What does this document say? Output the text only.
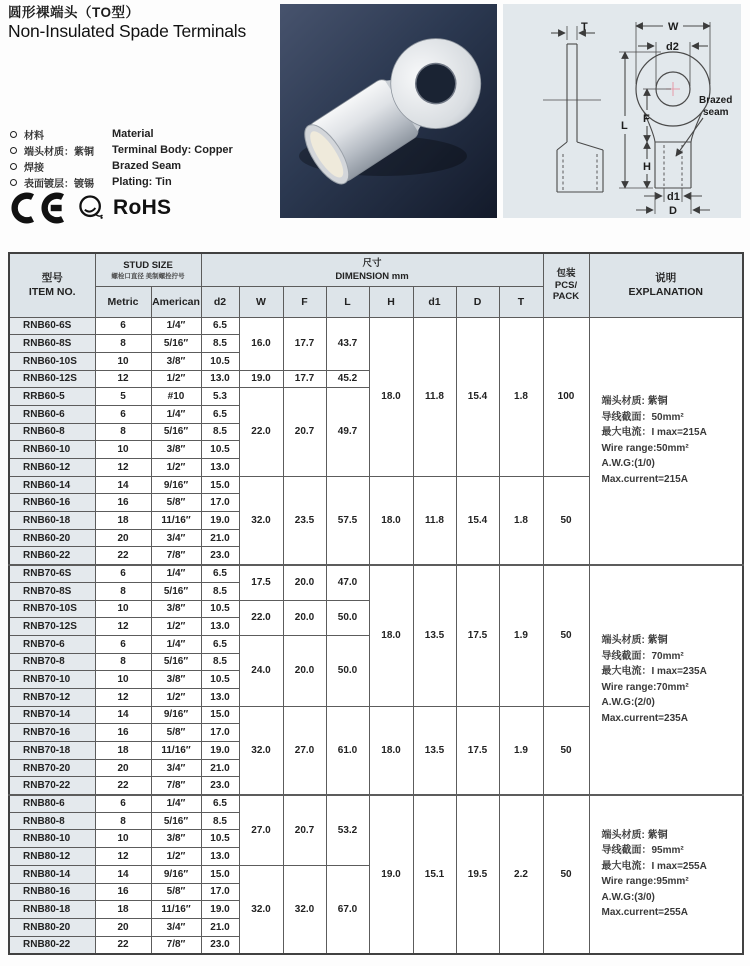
圆形裸端头（TO型）
Non-Insulated Spade Terminals
材料	Material
端头材质：紫铜	Terminal Body: Copper
焊接	Brazed Seam
表面镀层：镀锡	Plating: Tin
RoHS
W
d2
T
L
F
H
d1
D
Brazed
seam
型号
ITEM NO.

STUD SIZE
螺栓口直径 美制螺拴拧号

尺寸
DIMENSION mm	包装
PCS/
PACK

说明
EXPLANATION

	Metric	American	d2	W	F	L	H	d1	D	T		
RNB60-6S	6	1/4″	6.5	16.0	17.7	43.7	18.0	11.8	15.4	1.8	100	端头材质: 紫铜
导线截面：50mm²
最大电流：I max=215A
Wire range:50mm²
A.W.G:(1/0)
Max.current=215A

RNB60-8S	8	5/16″	8.5									
RNB60-10S	10	3/8″	10.5									
RNB60-12S	12	1/2″	13.0	19.0	17.7	45.2						
RRB60-5	5	#10	5.3	22.0	20.7	49.7						
RNB60-6	6	1/4″	6.5									
RNB60-8	8	5/16″	8.5									
RNB60-10	10	3/8″	10.5									
RNB60-12	12	1/2″	13.0									
RNB60-14	14	9/16″	15.0	32.0	23.5	57.5	18.0	11.8	15.4	1.8	50	
RNB60-16	16	5/8″	17.0									
RNB60-18	18	11/16″	19.0									
RNB60-20	20	3/4″	21.0									
RNB60-22	22	7/8″	23.0									
RNB70-6S	6	1/4″	6.5	17.5	20.0	47.0	18.0	13.5	17.5	1.9	50	端头材质: 紫铜
导线截面：70mm²
最大电流：I max=235A
Wire range:70mm²
A.W.G:(2/0)
Max.current=235A

RNB70-8S	8	5/16″	8.5									
RNB70-10S	10	3/8″	10.5	22.0	20.0	50.0						
RNB70-12S	12	1/2″	13.0									
RNB70-6	6	1/4″	6.5	24.0	20.0	50.0						
RNB70-8	8	5/16″	8.5									
RNB70-10	10	3/8″	10.5									
RNB70-12	12	1/2″	13.0									
RNB70-14	14	9/16″	15.0	32.0	27.0	61.0	18.0	13.5	17.5	1.9	50	
RNB70-16	16	5/8″	17.0									
RNB70-18	18	11/16″	19.0									
RNB70-20	20	3/4″	21.0									
RNB70-22	22	7/8″	23.0									
RNB80-6	6	1/4″	6.5	27.0	20.7	53.2	19.0	15.1	19.5	2.2	50	
端头材质: 紫铜
导线截面：95mm²
最大电流：I max=255A
Wire range:95mm²
A.W.G:(3/0)
Max.current=255A

RNB80-8	8	5/16″	8.5									
RNB80-10	10	3/8″	10.5									
RNB80-12	12	1/2″	13.0									
RNB80-14	14	9/16″	15.0	32.0	32.0	67.0						
RNB80-16	16	5/8″	17.0									
RNB80-18	18	11/16″	19.0									
RNB80-20	20	3/4″	21.0									
RNB80-22	22	7/8″	23.0									
